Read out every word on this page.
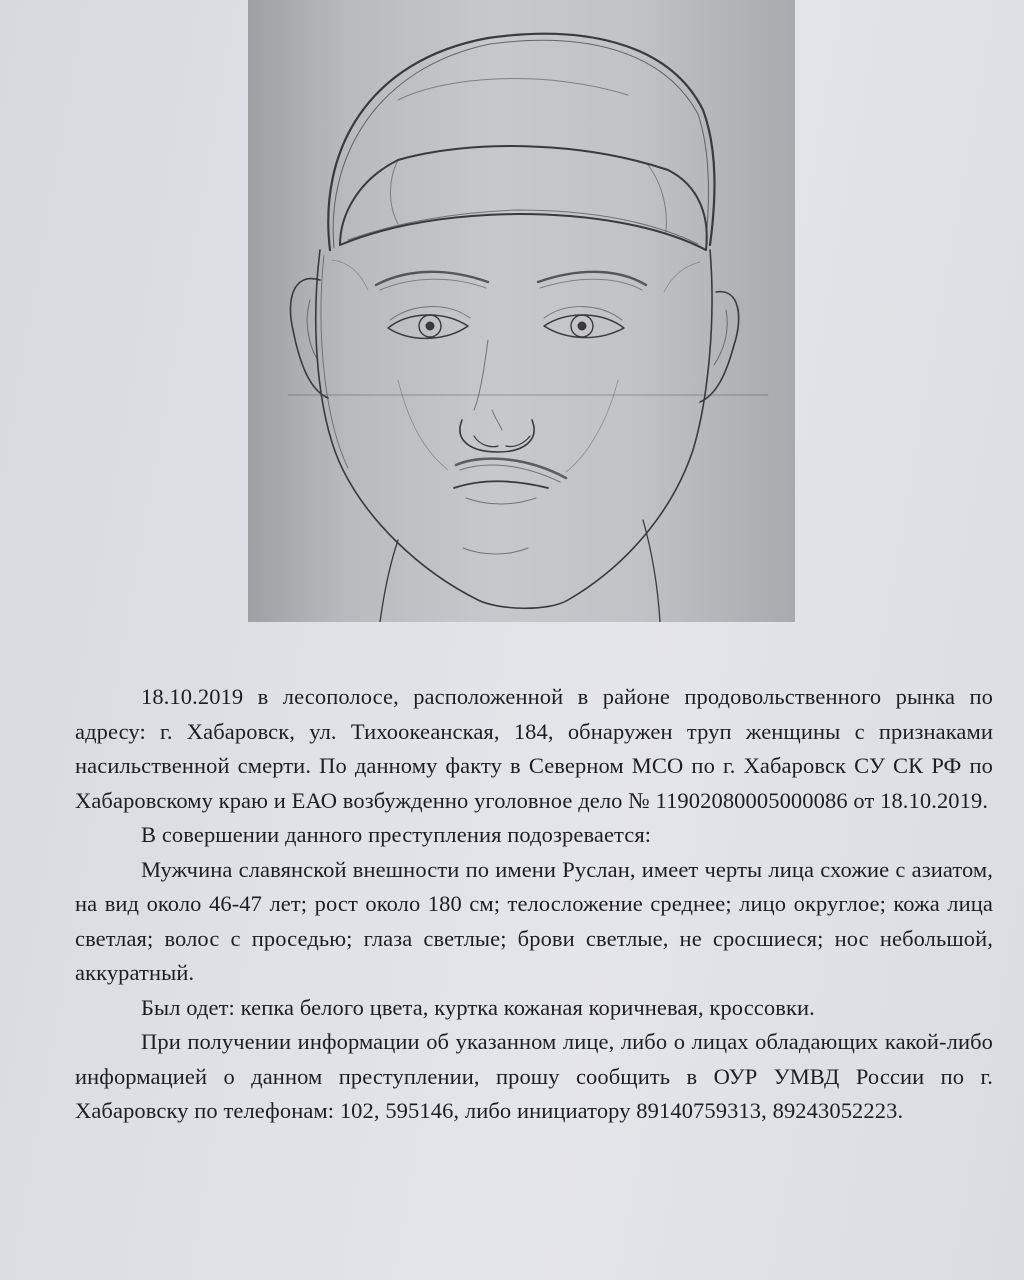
18.10.2019 в лесополосе, расположенной в районе продовольственного рынка по адресу: г. Хабаровск, ул. Тихоокеанская, 184, обнаружен труп женщины с признаками насильственной смерти. По данному факту в Северном МСО по г. Хабаровск СУ СК РФ по Хабаровскому краю и ЕАО возбужденно уголовное дело № 11902080005000086 от 18.10.2019.

В совершении данного преступления подозревается:

Мужчина славянской внешности по имени Руслан, имеет черты лица схожие с азиатом, на вид около 46-47 лет; рост около 180 см; телосложение среднее; лицо округлое; кожа лица светлая; волос с проседью; глаза светлые; брови светлые, не сросшиеся; нос небольшой, аккуратный.

Был одет: кепка белого цвета, куртка кожаная коричневая, кроссовки.

При получении информации об указанном лице, либо о лицах обладающих какой-либо информацией о данном преступлении, прошу сообщить в ОУР УМВД России по г. Хабаровску по телефонам: 102, 595146, либо инициатору 89140759313, 89243052223.
